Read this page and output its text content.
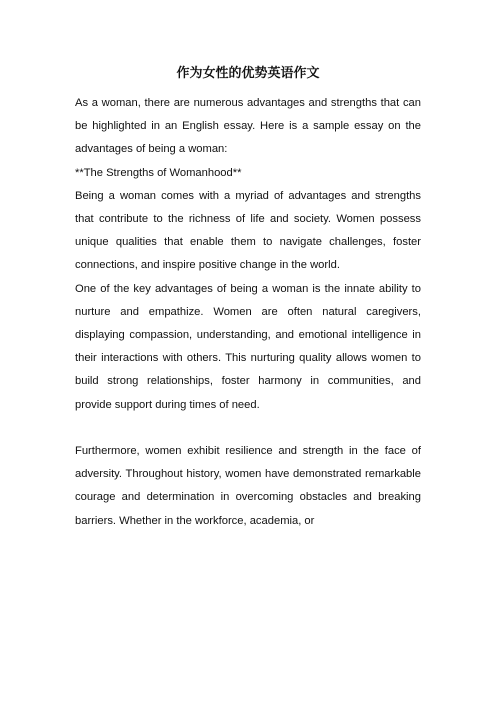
作为女性的优势英语作文

As a woman, there are numerous advantages and strengths that can be highlighted in an English essay. Here is a sample essay on the advantages of being a woman:

**The Strengths of Womanhood**

Being a woman comes with a myriad of advantages and strengths that contribute to the richness of life and society. Women possess unique qualities that enable them to navigate challenges, foster connections, and inspire positive change in the world.

One of the key advantages of being a woman is the innate ability to nurture and empathize. Women are often natural caregivers, displaying compassion, understanding, and emotional intelligence in their interactions with others. This nurturing quality allows women to build strong relationships, foster harmony in communities, and provide support during times of need.

Furthermore, women exhibit resilience and strength in the face of adversity. Throughout history, women have demonstrated remarkable courage and determination in overcoming obstacles and breaking barriers. Whether in the workforce, academia, or
